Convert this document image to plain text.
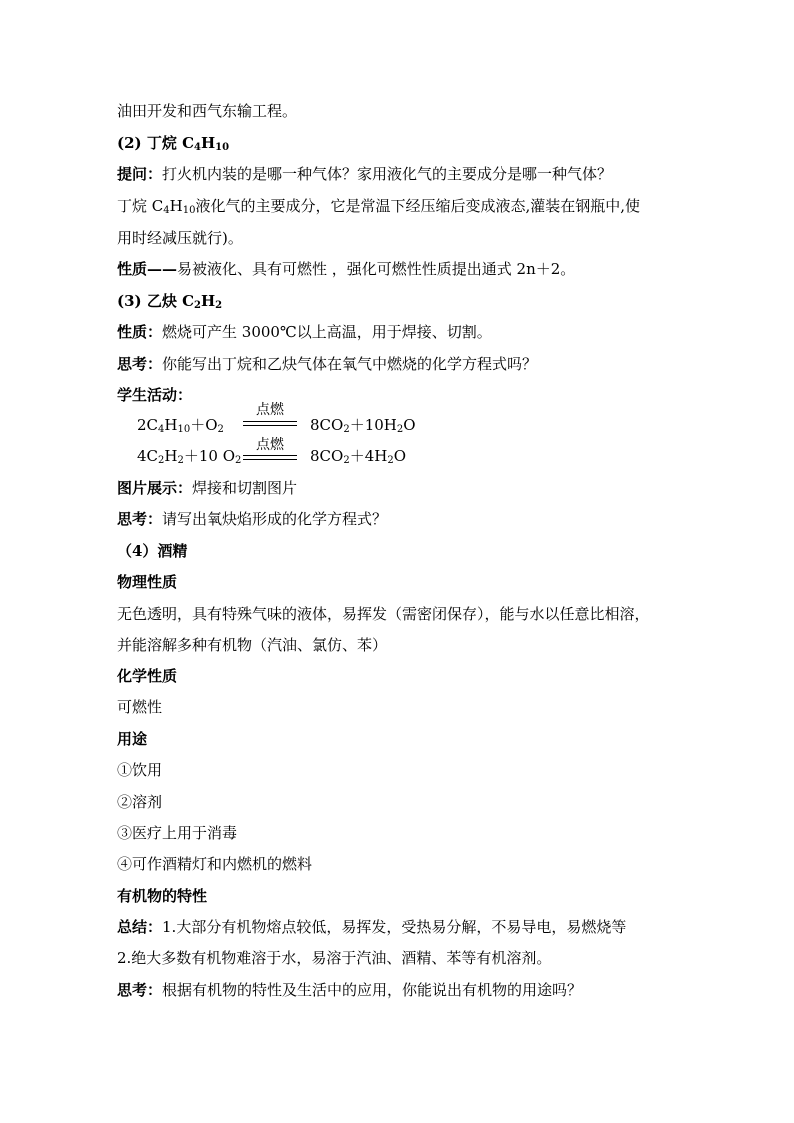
油田开发和西气东输工程。
(2) 丁烷 $C_4H_{10}$
提问：打火机内装的是哪一种气体？家用液化气的主要成分是哪一种气体？
丁烷 $C_4H_{10}$液化气的主要成分，它是常温下经压缩后变成液态,灌装在钢瓶中,使
用时经减压就行)。
性质——易被液化、具有可燃性 ，强化可燃性性质提出通式 2n＋2。
(3) 乙炔 $C_2H_2$
性质：燃烧可产生 3000℃以上高温，用于焊接、切割。
思考：你能写出丁烷和乙炔气体在氧气中燃烧的化学方程式吗？
学生活动：
$2C_4H_{10}+O_2$
点燃
$8CO_2+10H_2O$
$4C_2H_2+10$ $O_2$
点燃
$8CO_2+4H_2O$
图片展示：焊接和切割图片
思考：请写出氧炔焰形成的化学方程式？
（4）酒精
物理性质
无色透明，具有特殊气味的液体，易挥发（需密闭保存），能与水以任意比相溶，
并能溶解多种有机物（汽油、氯仿、苯）
化学性质
可燃性
用途
①饮用
②溶剂
③医疗上用于消毒
④可作酒精灯和内燃机的燃料
有机物的特性
总结：1.大部分有机物熔点较低，易挥发，受热易分解，不易导电，易燃烧等
2.绝大多数有机物难溶于水，易溶于汽油、酒精、苯等有机溶剂。
思考：根据有机物的特性及生活中的应用，你能说出有机物的用途吗？
